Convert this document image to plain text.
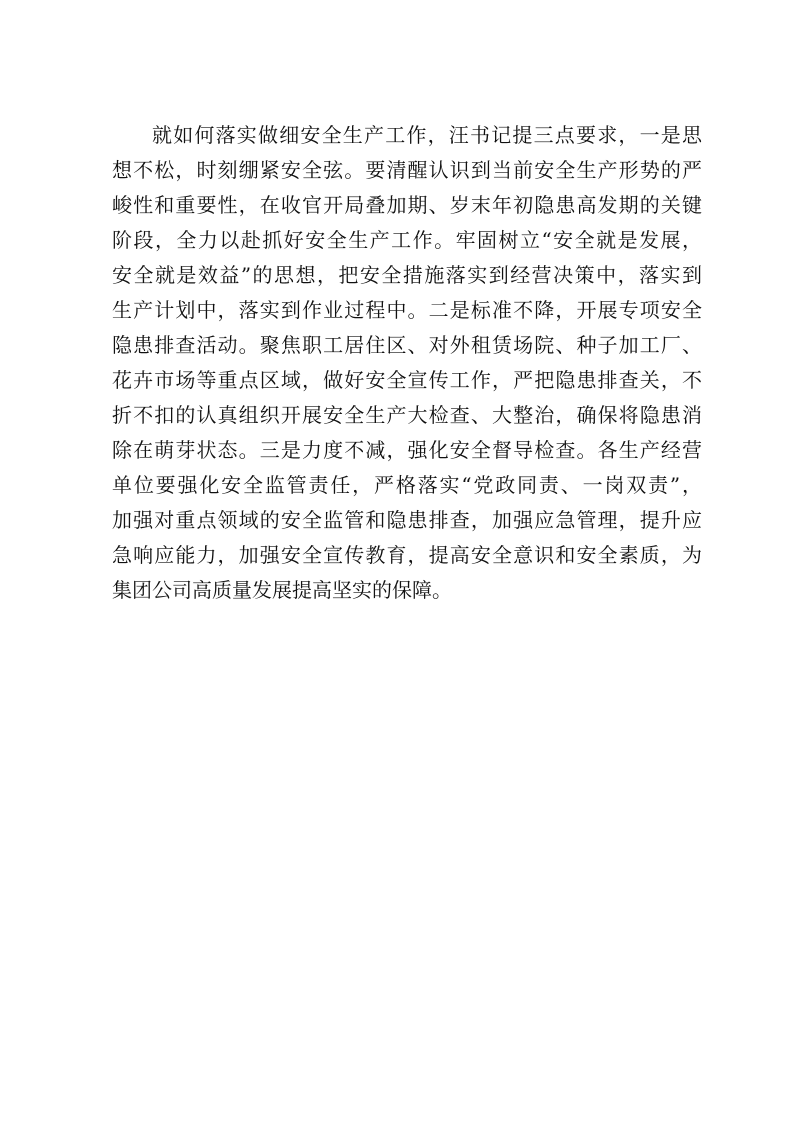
就如何落实做细安全生产工作，汪书记提三点要求，一是思
想不松，时刻绷紧安全弦。要清醒认识到当前安全生产形势的严
峻性和重要性，在收官开局叠加期、岁末年初隐患高发期的关键
阶段，全力以赴抓好安全生产工作。牢固树立“安全就是发展，
安全就是效益”的思想，把安全措施落实到经营决策中，落实到
生产计划中，落实到作业过程中。二是标准不降，开展专项安全
隐患排查活动。聚焦职工居住区、对外租赁场院、种子加工厂、
花卉市场等重点区域，做好安全宣传工作，严把隐患排查关，不
折不扣的认真组织开展安全生产大检查、大整治，确保将隐患消
除在萌芽状态。三是力度不减，强化安全督导检查。各生产经营
单位要强化安全监管责任，严格落实“党政同责、一岗双责”，
加强对重点领域的安全监管和隐患排查，加强应急管理，提升应
急响应能力，加强安全宣传教育，提高安全意识和安全素质，为
集团公司高质量发展提高坚实的保障。
